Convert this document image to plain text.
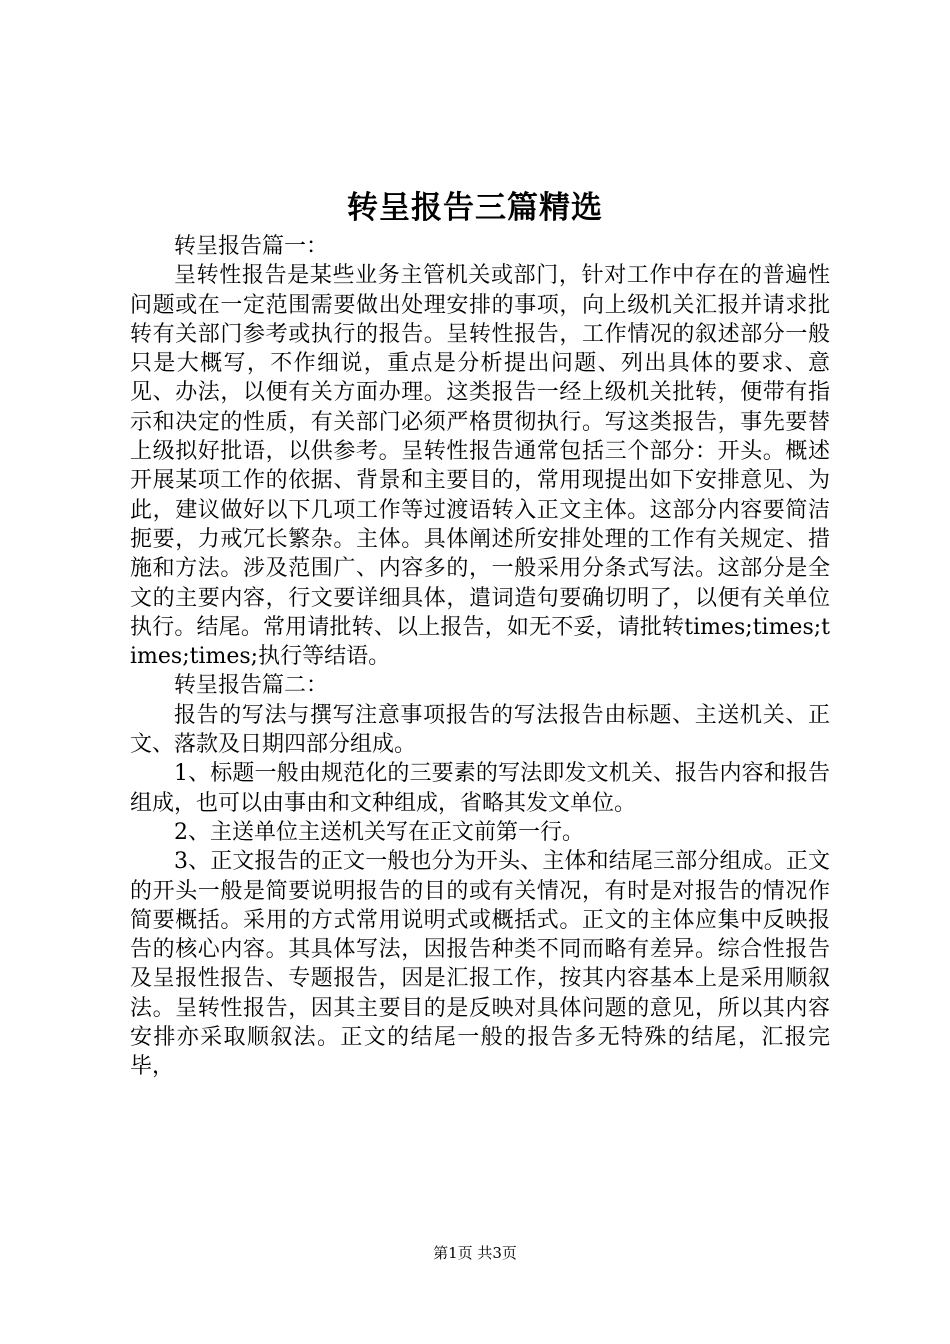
转呈报告三篇精选

转呈报告篇一：

呈转性报告是某些业务主管机关或部门，针对工作中存在的普遍性问题或在一定范围需要做出处理安排的事项，向上级机关汇报并请求批转有关部门参考或执行的报告。呈转性报告，工作情况的叙述部分一般只是大概写，不作细说，重点是分析提出问题、列出具体的要求、意见、办法，以便有关方面办理。这类报告一经上级机关批转，便带有指示和决定的性质，有关部门必须严格贯彻执行。写这类报告，事先要替上级拟好批语，以供参考。呈转性报告通常包括三个部分：开头。概述开展某项工作的依据、背景和主要目的，常用现提出如下安排意见、为此，建议做好以下几项工作等过渡语转入正文主体。这部分内容要简洁扼要，力戒冗长繁杂。主体。具体阐述所安排处理的工作有关规定、措施和方法。涉及范围广、内容多的，一般采用分条式写法。这部分是全文的主要内容，行文要详细具体，遣词造句要确切明了，以便有关单位执行。结尾。常用请批转、以上报告，如无不妥，请批转times;times;times;times;执行等结语。

转呈报告篇二：

报告的写法与撰写注意事项报告的写法报告由标题、主送机关、正文、落款及日期四部分组成。

1、标题一般由规范化的三要素的写法即发文机关、报告内容和报告组成，也可以由事由和文种组成，省略其发文单位。

2、主送单位主送机关写在正文前第一行。

3、正文报告的正文一般也分为开头、主体和结尾三部分组成。正文的开头一般是简要说明报告的目的或有关情况，有时是对报告的情况作简要概括。采用的方式常用说明式或概括式。正文的主体应集中反映报告的核心内容。其具体写法，因报告种类不同而略有差异。综合性报告及呈报性报告、专题报告，因是汇报工作，按其内容基本上是采用顺叙法。呈转性报告，因其主要目的是反映对具体问题的意见，所以其内容安排亦采取顺叙法。正文的结尾一般的报告多无特殊的结尾，汇报完毕，

第1页 共3页
